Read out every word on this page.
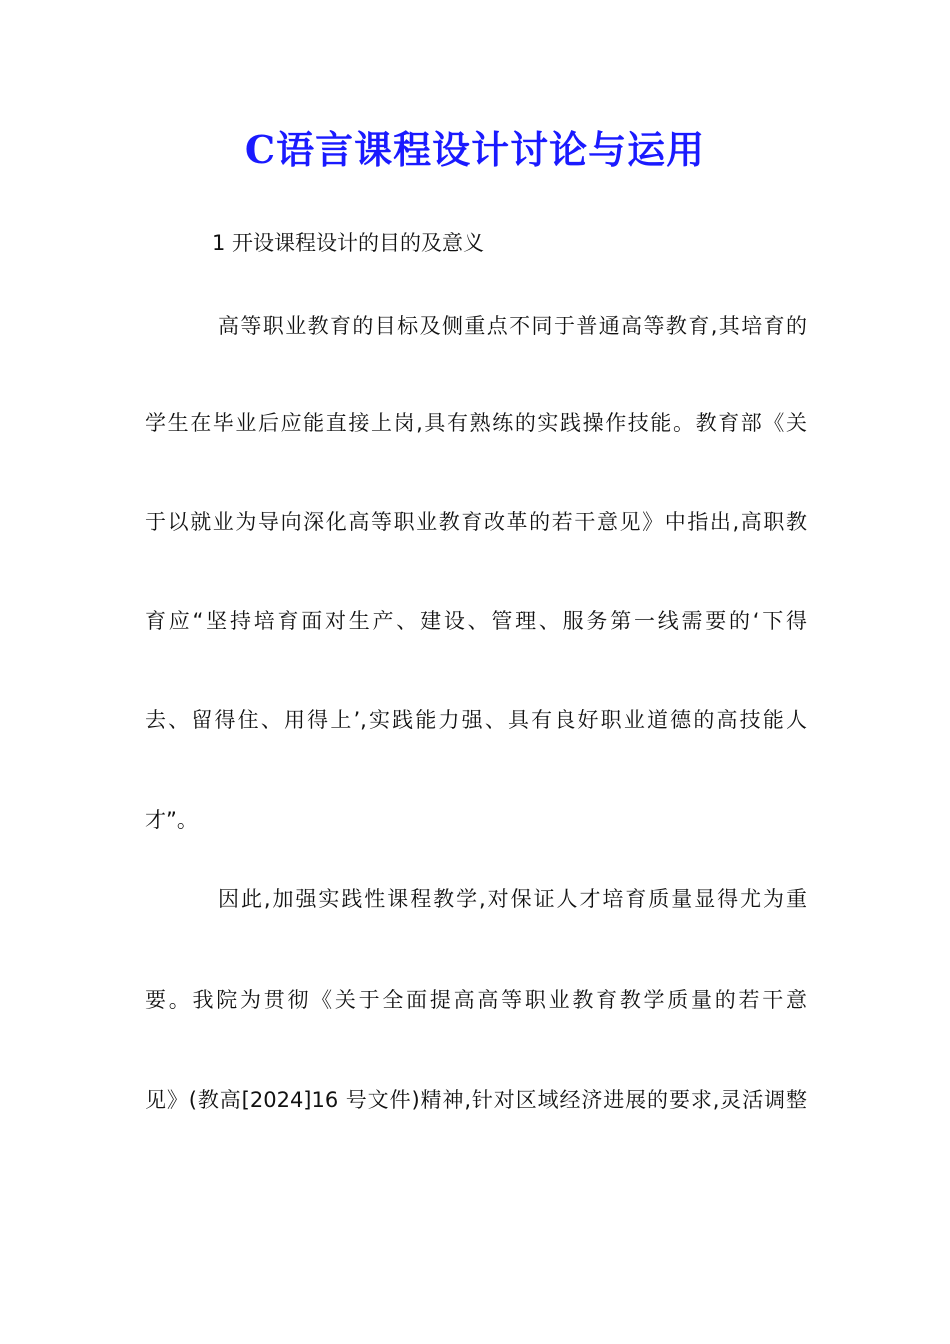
C语言课程设计讨论与运用
1 开设课程设计的目的及意义
高等职业教育的目标及侧重点不同于普通高等教育,其培育的
学生在毕业后应能直接上岗,具有熟练的实践操作技能。教育部《关
于以就业为导向深化高等职业教育改革的若干意见》中指出,高职教
育应“坚持培育面对生产、建设、管理、服务第一线需要的‘下得
去、留得住、用得上’,实践能力强、具有良好职业道德的高技能人
才”。
因此,加强实践性课程教学,对保证人才培育质量显得尤为重
要。我院为贯彻《关于全面提高高等职业教育教学质量的若干意
见》(教高[2024]16 号文件)精神,针对区域经济进展的要求,灵活调整
